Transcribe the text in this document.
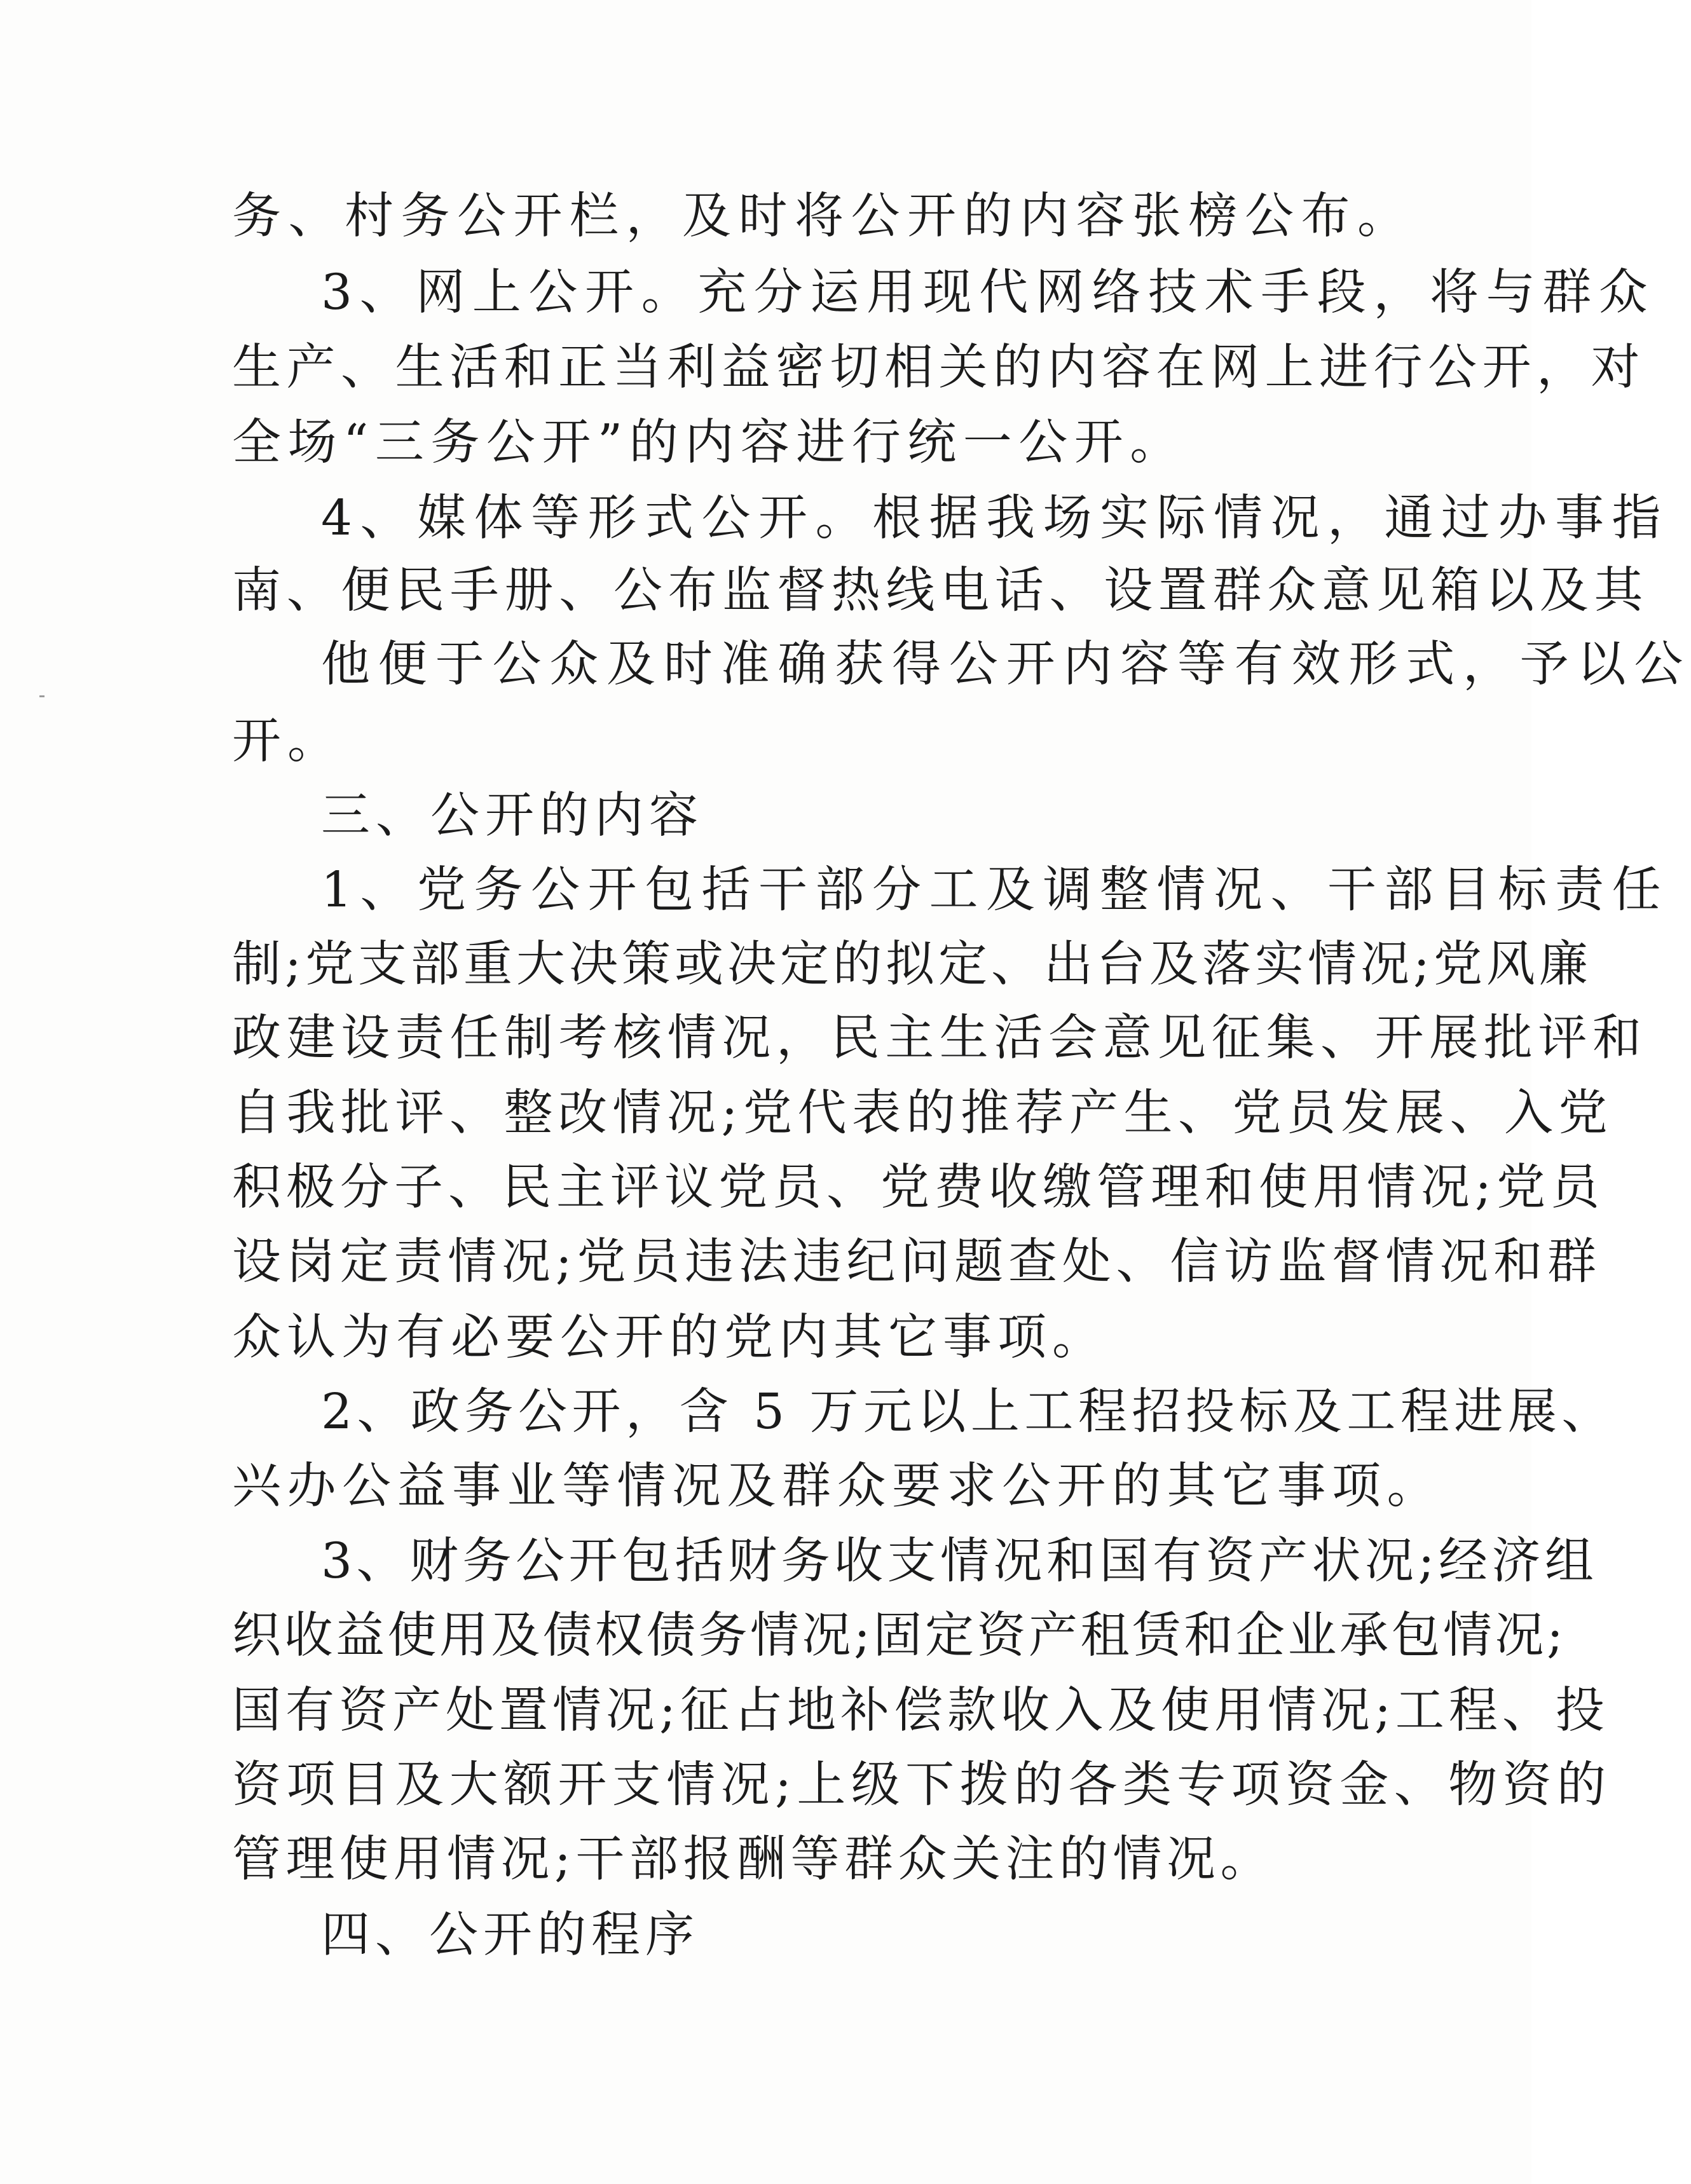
务、村务公开栏，及时将公开的内容张榜公布。

3、网上公开。充分运用现代网络技术手段，将与群众

生产、生活和正当利益密切相关的内容在网上进行公开，对

全场“三务公开”的内容进行统一公开。

4、媒体等形式公开。根据我场实际情况，通过办事指

南、便民手册、公布监督热线电话、设置群众意见箱以及其

他便于公众及时准确获得公开内容等有效形式，予以公

开。

三、公开的内容

1、党务公开包括干部分工及调整情况、干部目标责任

制;党支部重大决策或决定的拟定、出台及落实情况;党风廉

政建设责任制考核情况，民主生活会意见征集、开展批评和

自我批评、整改情况;党代表的推荐产生、党员发展、入党

积极分子、民主评议党员、党费收缴管理和使用情况;党员

设岗定责情况;党员违法违纪问题查处、信访监督情况和群

众认为有必要公开的党内其它事项。

2、政务公开，含 5 万元以上工程招投标及工程进展、

兴办公益事业等情况及群众要求公开的其它事项。

3、财务公开包括财务收支情况和国有资产状况;经济组

织收益使用及债权债务情况;固定资产租赁和企业承包情况;

国有资产处置情况;征占地补偿款收入及使用情况;工程、投

资项目及大额开支情况;上级下拨的各类专项资金、物资的

管理使用情况;干部报酬等群众关注的情况。

四、公开的程序
